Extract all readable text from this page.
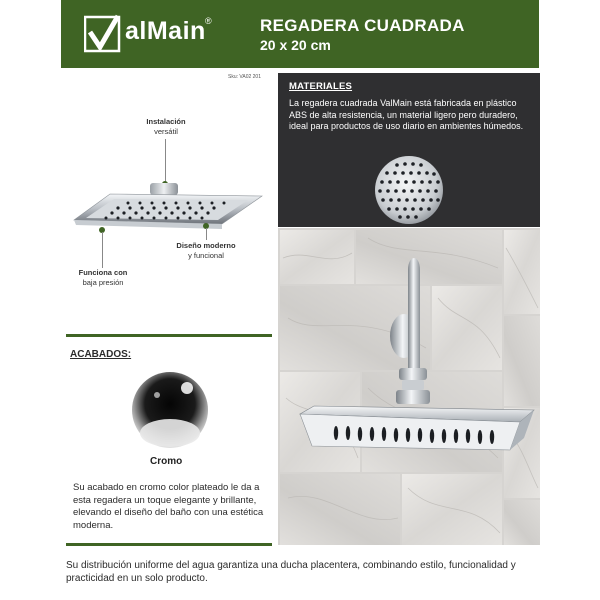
alMain ®	REGADERA CUADRADA
20 x 20 cm
Sku: VA02 201
Instalación
versátil
Funciona con
baja presión
Diseño moderno
y funcional
ACABADOS:
Cromo
Su acabado en cromo color plateado le da a esta regadera un toque elegante y brillante, elevando el diseño del baño con una estética moderna.
MATERIALES
La regadera cuadrada ValMain está fabricada en plástico ABS de alta resistencia, un material ligero pero duradero, ideal para productos de uso diario en ambientes húmedos.
Su distribución uniforme del agua garantiza una ducha placentera, combinando estilo, funcionalidad y practicidad en un solo producto.
